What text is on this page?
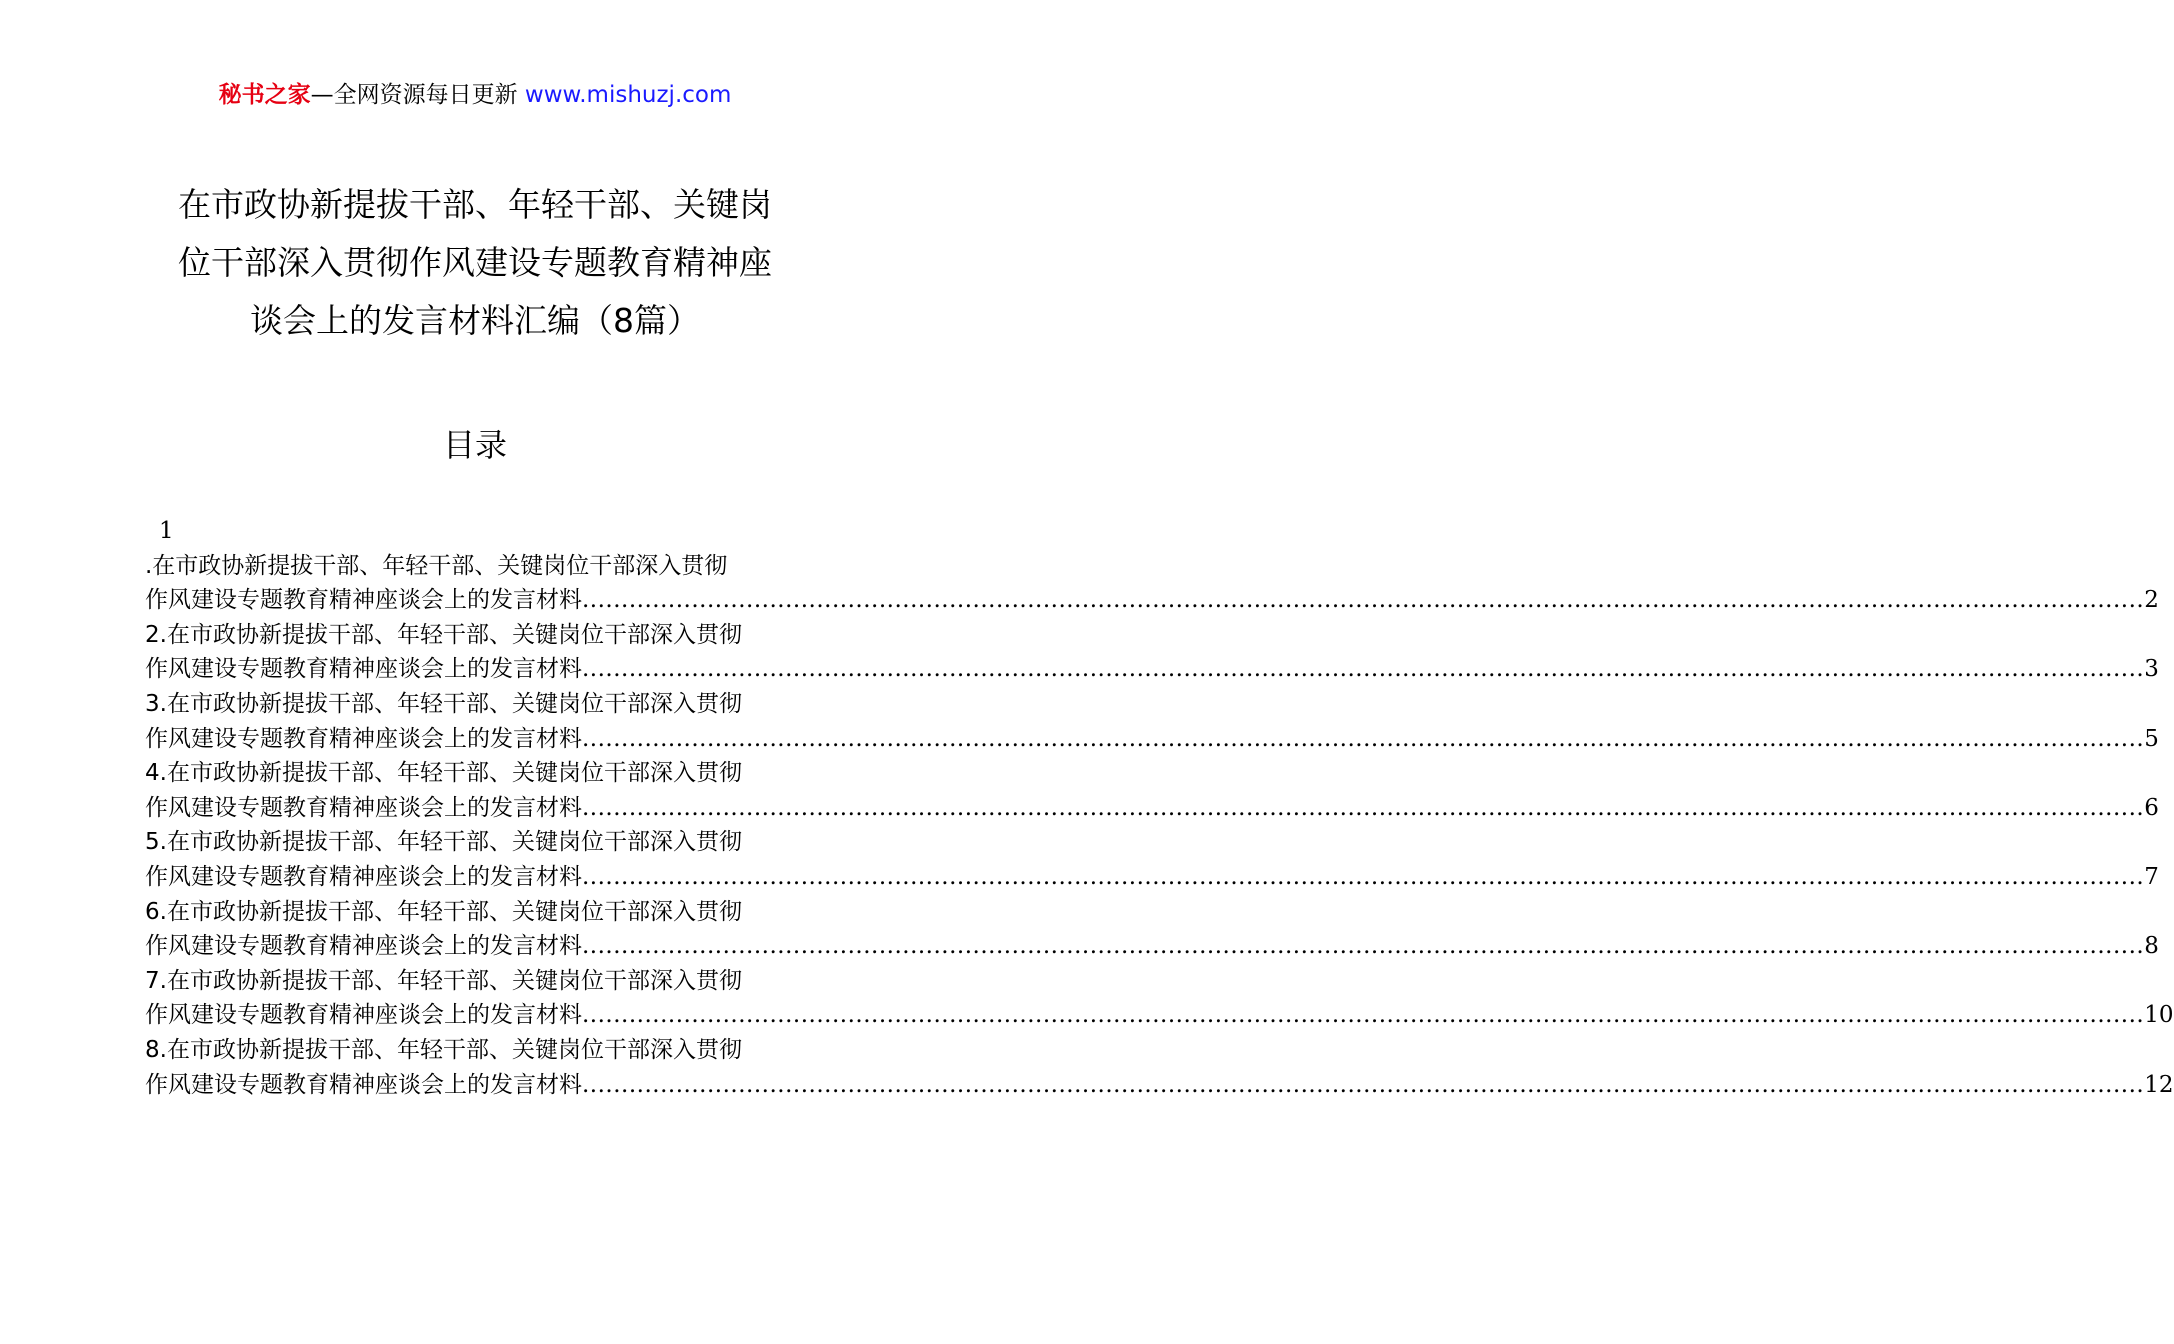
秘书之家—全网资源每日更新 www.mishuzj.com
在市政协新提拔干部、年轻干部、关键岗
位干部深入贯彻作风建设专题教育精神座
谈会上的发言材料汇编（8篇）
目录
1
.在市政协新提拔干部、年轻干部、关键岗位干部深入贯彻
作风建设专题教育精神座谈会上的发言材料 ........................................................................................................................................................................................................ 2
2.在市政协新提拔干部、年轻干部、关键岗位干部深入贯彻
作风建设专题教育精神座谈会上的发言材料 ........................................................................................................................................................................................................ 3
3.在市政协新提拔干部、年轻干部、关键岗位干部深入贯彻
作风建设专题教育精神座谈会上的发言材料 ........................................................................................................................................................................................................ 5
4.在市政协新提拔干部、年轻干部、关键岗位干部深入贯彻
作风建设专题教育精神座谈会上的发言材料 ........................................................................................................................................................................................................ 6
5.在市政协新提拔干部、年轻干部、关键岗位干部深入贯彻
作风建设专题教育精神座谈会上的发言材料 ........................................................................................................................................................................................................ 7
6.在市政协新提拔干部、年轻干部、关键岗位干部深入贯彻
作风建设专题教育精神座谈会上的发言材料 ........................................................................................................................................................................................................ 8
7.在市政协新提拔干部、年轻干部、关键岗位干部深入贯彻
作风建设专题教育精神座谈会上的发言材料 ........................................................................................................................................................................................................ 10
8.在市政协新提拔干部、年轻干部、关键岗位干部深入贯彻
作风建设专题教育精神座谈会上的发言材料 ........................................................................................................................................................................................................ 12
